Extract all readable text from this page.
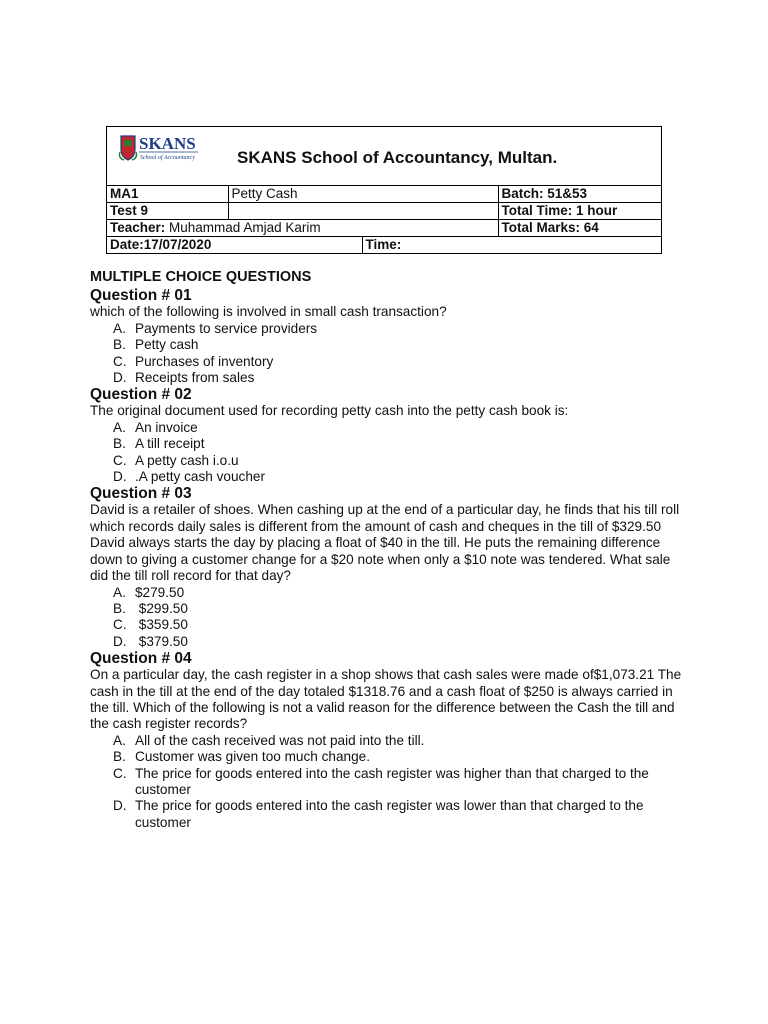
SKANS
School of Accountancy SKANS School of Accountancy, Multan.
MA1	Petty Cash		Batch: 51&53
Test 9			Total Time: 1 hour
Teacher: Muhammad Amjad Karim			Total Marks: 64
Date:17/07/2020		Time:	
MULTIPLE CHOICE QUESTIONS
Question # 01

which of the following is involved in small cash transaction?

A. Payments to service providers
B. Petty cash
C. Purchases of inventory
D. Receipts from sales
Question # 02

The original document used for recording petty cash into the petty cash book is:

A. An invoice
B. A till receipt
C. A petty cash i.o.u
D. .A petty cash voucher
Question # 03

David is a retailer of shoes. When cashing up at the end of a particular day, he finds that his till roll which records daily sales is different from the amount of cash and cheques in the till of $329.50 David always starts the day by placing a float of $40 in the till. He puts the remaining difference down to giving a customer change for a $20 note when only a $10 note was tendered. What sale did the till roll record for that day?

A. $279.50
B. $299.50
C. $359.50
D. $379.50
Question # 04

On a particular day, the cash register in a shop shows that cash sales were made of$1,073.21 The cash in the till at the end of the day totaled $1318.76 and a cash float of $250 is always carried in the till. Which of the following is not a valid reason for the difference between the Cash the till and the cash register records?

A. All of the cash received was not paid into the till.
B. Customer was given too much change.
C. The price for goods entered into the cash register was higher than that charged to the customer
D. The price for goods entered into the cash register was lower than that charged to the customer
